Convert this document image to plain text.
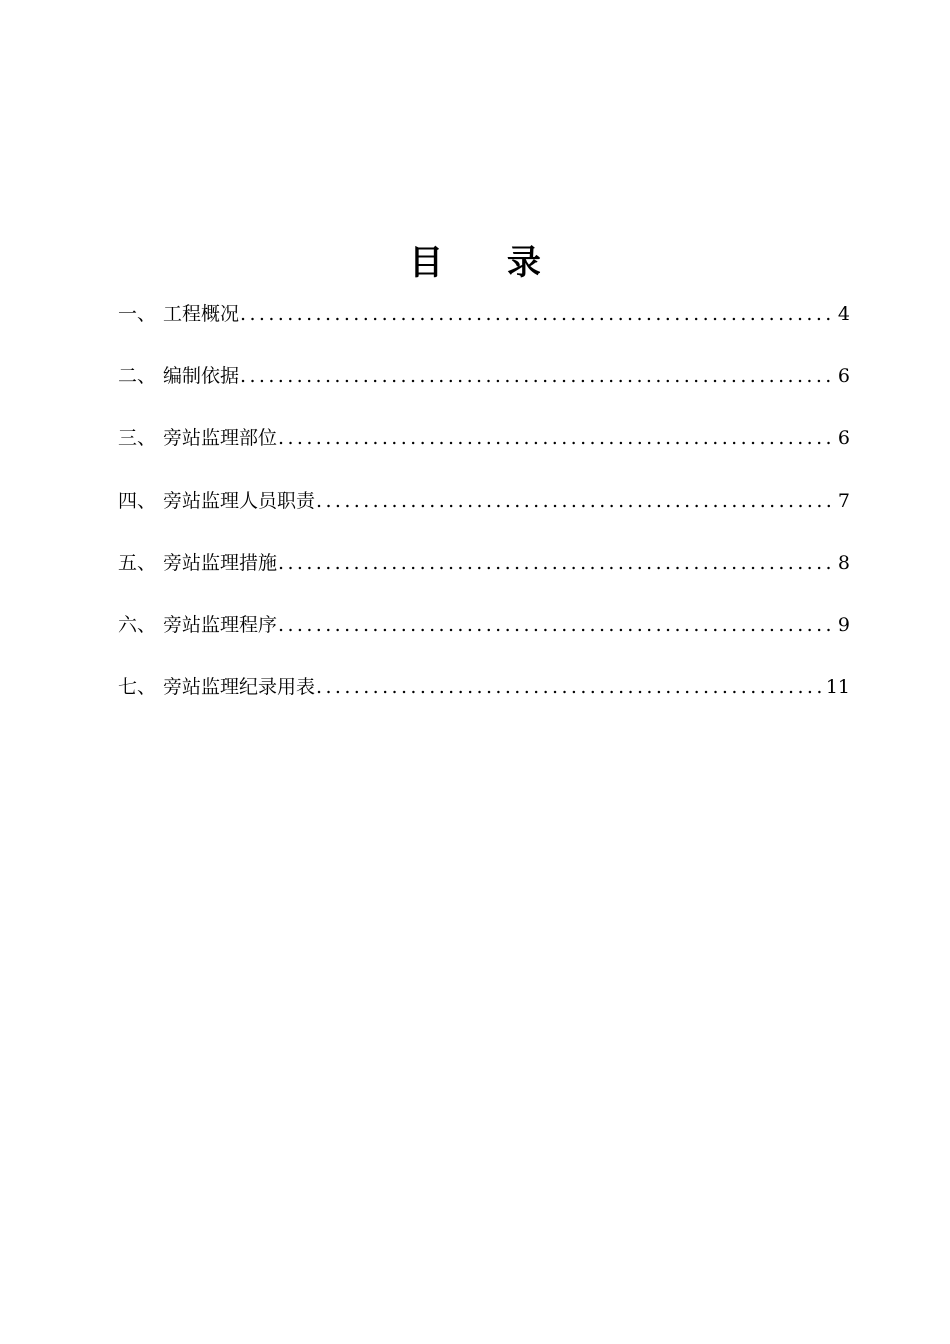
目 录
一 、 工程概况 .....	4
二 、 编制依据 .....	6
三 、 旁站监理部位 .....	6
四 、 旁站监理人员职责 .....	7
五 、 旁站监理措施 .....	8
六 、 旁站监理程序 .....	9
七 、 旁站监理纪录用表 .....	11
